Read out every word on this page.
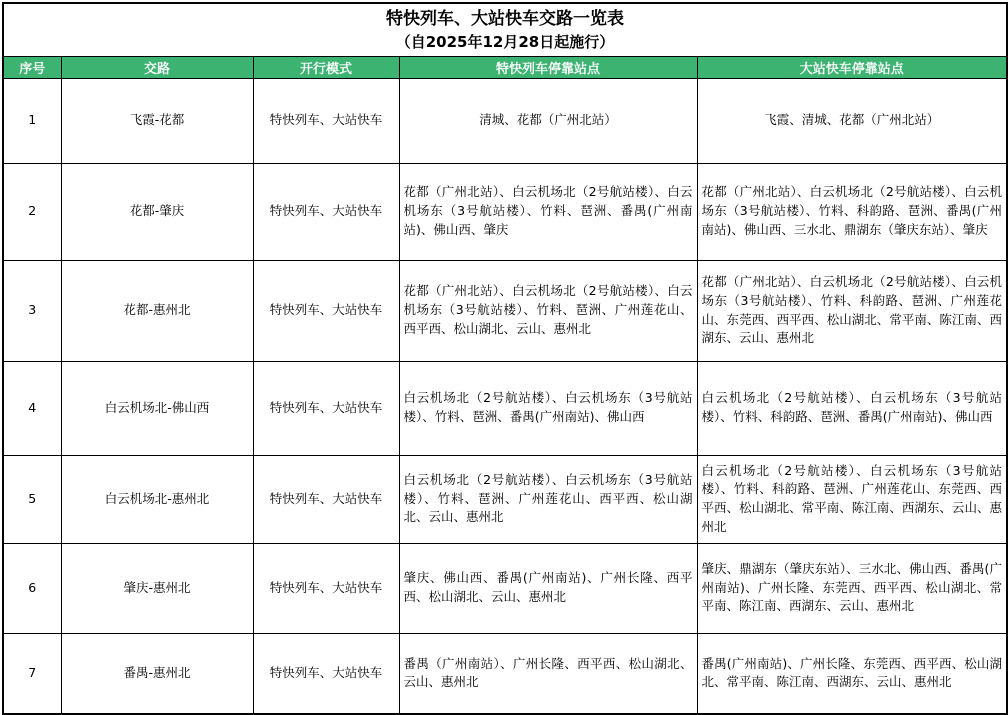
特快列车、大站快车交路一览表
（自2025年12月28日起施行）				

序号	交路	开行模式	特快列车停靠站点	大站快车停靠站点
1	飞霞-花都	特快列车、大站快车	清城、花都（广州北站）	飞霞、清城、花都（广州北站）
2	花都-肇庆	特快列车、大站快车	花都（广州北站）、白云机场北（2号航站楼）、白云机场东（3号航站楼）、竹料、琶洲、番禺(广州南站)、佛山西、肇庆	花都（广州北站）、白云机场北（2号航站楼）、白云机场东（3号航站楼）、竹料、科韵路、琶洲、番禺(广州南站)、佛山西、三水北、鼎湖东（肇庆东站）、肇庆
3	花都-惠州北	特快列车、大站快车	花都（广州北站）、白云机场北（2号航站楼）、白云机场东（3号航站楼）、竹料、琶洲、广州莲花山、西平西、松山湖北、云山、惠州北	花都（广州北站）、白云机场北（2号航站楼）、白云机场东（3号航站楼）、竹料、科韵路、琶洲、广州莲花山、东莞西、西平西、松山湖北、常平南、陈江南、西湖东、云山、惠州北
4	白云机场北-佛山西	特快列车、大站快车	白云机场北（2号航站楼）、白云机场东（3号航站楼）、竹料、琶洲、番禺(广州南站)、佛山西	白云机场北（2号航站楼）、白云机场东（3号航站楼）、竹料、科韵路、琶洲、番禺(广州南站)、佛山西
5	白云机场北-惠州北	特快列车、大站快车	白云机场北（2号航站楼）、白云机场东（3号航站楼）、竹料、琶洲、广州莲花山、西平西、松山湖北、云山、惠州北	白云机场北（2号航站楼）、白云机场东（3号航站楼）、竹料、科韵路、琶洲、广州莲花山、东莞西、西平西、松山湖北、常平南、陈江南、西湖东、云山、惠州北
6	肇庆-惠州北	特快列车、大站快车	肇庆、佛山西、番禺(广州南站)、广州长隆、西平西、松山湖北、云山、惠州北	肇庆、鼎湖东（肇庆东站）、三水北、佛山西、番禺(广州南站)、广州长隆、东莞西、西平西、松山湖北、常平南、陈江南、西湖东、云山、惠州北
7	番禺-惠州北	特快列车、大站快车	番禺（广州南站）、广州长隆、西平西、松山湖北、云山、惠州北	番禺(广州南站)、广州长隆、东莞西、西平西、松山湖北、常平南、陈江南、西湖东、云山、惠州北
